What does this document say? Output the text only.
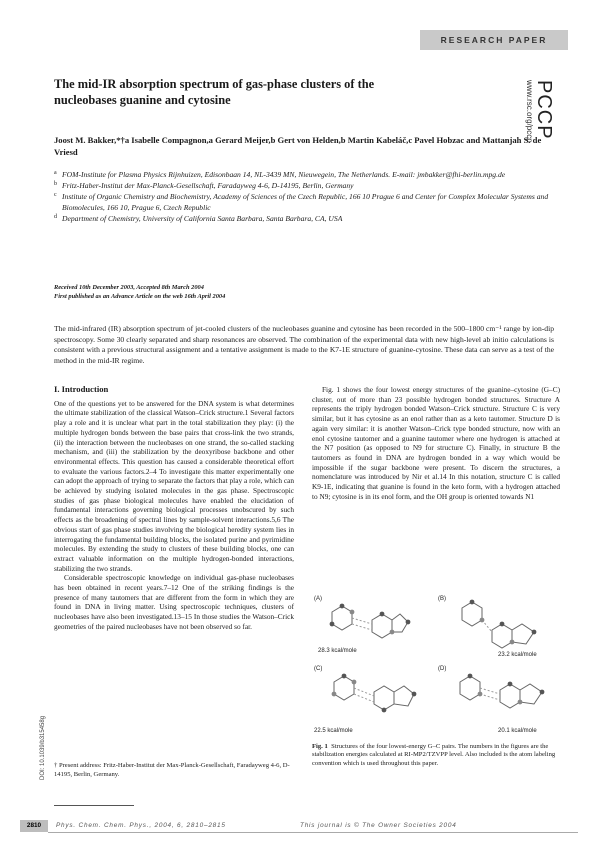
RESEARCH PAPER
The mid-IR absorption spectrum of gas-phase clusters of the nucleobases guanine and cytosine	PCCP
www.rsc.org/pccp
Joost M. Bakker,*†a Isabelle Compagnon,a Gerard Meijer,b Gert von Helden,b Martin Kabeláč,c Pavel Hobzac and Mattanjah S. de Vriesd
a FOM-Institute for Plasma Physics Rijnhuizen, Edisonbaan 14, NL-3439 MN, Nieuwegein, The Netherlands. E-mail: jmbakker@fhi-berlin.mpg.de
b Fritz-Haber-Institut der Max-Planck-Gesellschaft, Faradayweg 4-6, D-14195, Berlin, Germany
c Institute of Organic Chemistry and Biochemistry, Academy of Sciences of the Czech Republic, 166 10 Prague 6 and Center for Complex Molecular Systems and Biomolecules, 166 10, Prague 6, Czech Republic
d Department of Chemistry, University of California Santa Barbara, Santa Barbara, CA, USA
Received 10th December 2003, Accepted 8th March 2004
First published as an Advance Article on the web 16th April 2004
The mid-infrared (IR) absorption spectrum of jet-cooled clusters of the nucleobases guanine and cytosine has been recorded in the 500–1800 cm⁻¹ range by ion-dip spectroscopy. Some 30 clearly separated and sharp resonances are observed. The combination of the experimental data with new high-level ab initio calculations is consistent with a previous structural assignment and a tentative assignment is made to the K7-1E structure of guanine-cytosine. These data can serve as a test of the method in the mid-IR regime.
I. Introduction

One of the questions yet to be answered for the DNA system is what determines the ultimate stabilization of the classical Watson–Crick structure.1 Several factors play a role and it is unclear what part in the total stabilization they play: (i) the multiple hydrogen bonds between the base pairs that cross-link the two strands, (ii) the interaction between the nucleobases on one strand, the so-called stacking mechanism, and (iii) the stabilization by the deoxyribose backbone and other environmental effects. This question has caused a considerable theoretical effort to evaluate the various factors.2–4 To investigate this matter experimentally one can adopt the approach of trying to separate the factors that play a role, which can be achieved by studying isolated molecules in the gas phase. Spectroscopic studies of gas phase biological molecules have enabled the elucidation of fundamental interactions governing biological processes unobscured by such effects as the broadening of spectral lines by sample-solvent interactions.5,6 The obvious start of gas phase studies involving the biological heredity system lies in interrogating the fundamental building blocks, the isolated purine and pyrimidine molecules. By extending the study to clusters of these building blocks, one can extract valuable information on the multiple hydrogen-bonded interactions, stabilizing the two strands.

Considerable spectroscopic knowledge on individual gas-phase nucleobases has been obtained in recent years.7–12 One of the striking findings is the presence of many tautomers that are different from the form in which they are found in DNA in living matter. Using spectroscopic techniques, clusters of nucleobases have also been investigated.13–15 In those studies the Watson–Crick geometries of the paired nucleobases have not been observed so far.

Fig. 1 shows the four lowest energy structures of the guanine–cytosine (G–C) cluster, out of more than 23 possible hydrogen bonded structures. Structure A represents the triply hydrogen bonded Watson–Crick structure. Structure C is very similar, but it has cytosine as an enol rather than as a keto tautomer. Structure D is again very similar: it is another Watson–Crick type bonded structure, now with an enol cytosine tautomer and a guanine tautomer where one hydrogen is attached at the N7 position (as opposed to N9 for structure C). Finally, in structure B the tautomers as found in DNA are hydrogen bonded in a way which would be impossible if the sugar backbone were present. To discern the structures, a nomenclature was introduced by Nir et al.14 In this notation, structure C is called K9-1E, indicating that guanine is found in the keto form, with a hydrogen attached to N9; cytosine is in its enol form, and the OH group is oriented towards N1

(A)
28.3 kcal/mole
(B)
23.2 kcal/mole
(C)
22.5 kcal/mole
(D)
20.1 kcal/mole
Fig. 1 Structures of the four lowest-energy G–C pairs. The numbers in the figures are the stabilization energies calculated at RI-MP2/TZVPP level. Also included is the atom labeling convention which is used throughout this paper.
DOI: 10.1039/b315458g † Present address: Fritz-Haber-Institut der Max-Planck-Gesellschaft, Faradayweg 4-6, D-14195, Berlin, Germany.
2810	Phys. Chem. Chem. Phys., 2004, 6, 2810–2815	This journal is © The Owner Societies 2004
